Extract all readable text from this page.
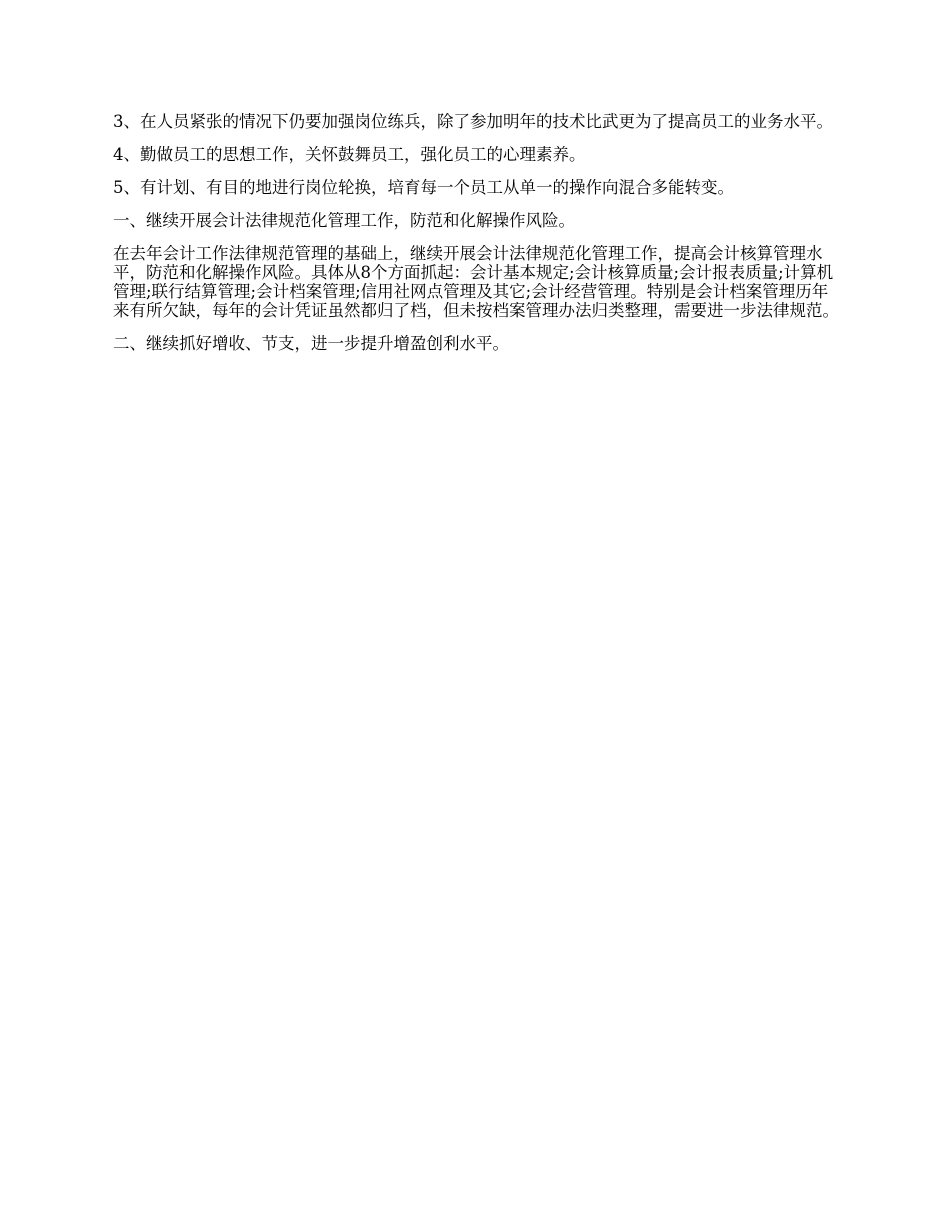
3、在人员紧张的情况下仍要加强岗位练兵，除了参加明年的技术比武更为了提高员工的业务水平。

4、勤做员工的思想工作，关怀鼓舞员工，强化员工的心理素养。

5、有计划、有目的地进行岗位轮换，培育每一个员工从单一的操作向混合多能转变。

一、继续开展会计法律规范化管理工作，防范和化解操作风险。

在去年会计工作法律规范管理的基础上，继续开展会计法律规范化管理工作，提高会计核算管理水平，防范和化解操作风险。具体从8个方面抓起：会计基本规定;会计核算质量;会计报表质量;计算机管理;联行结算管理;会计档案管理;信用社网点管理及其它;会计经营管理。特别是会计档案管理历年来有所欠缺，每年的会计凭证虽然都归了档，但未按档案管理办法归类整理，需要进一步法律规范。

二、继续抓好增收、节支，进一步提升增盈创利水平。
